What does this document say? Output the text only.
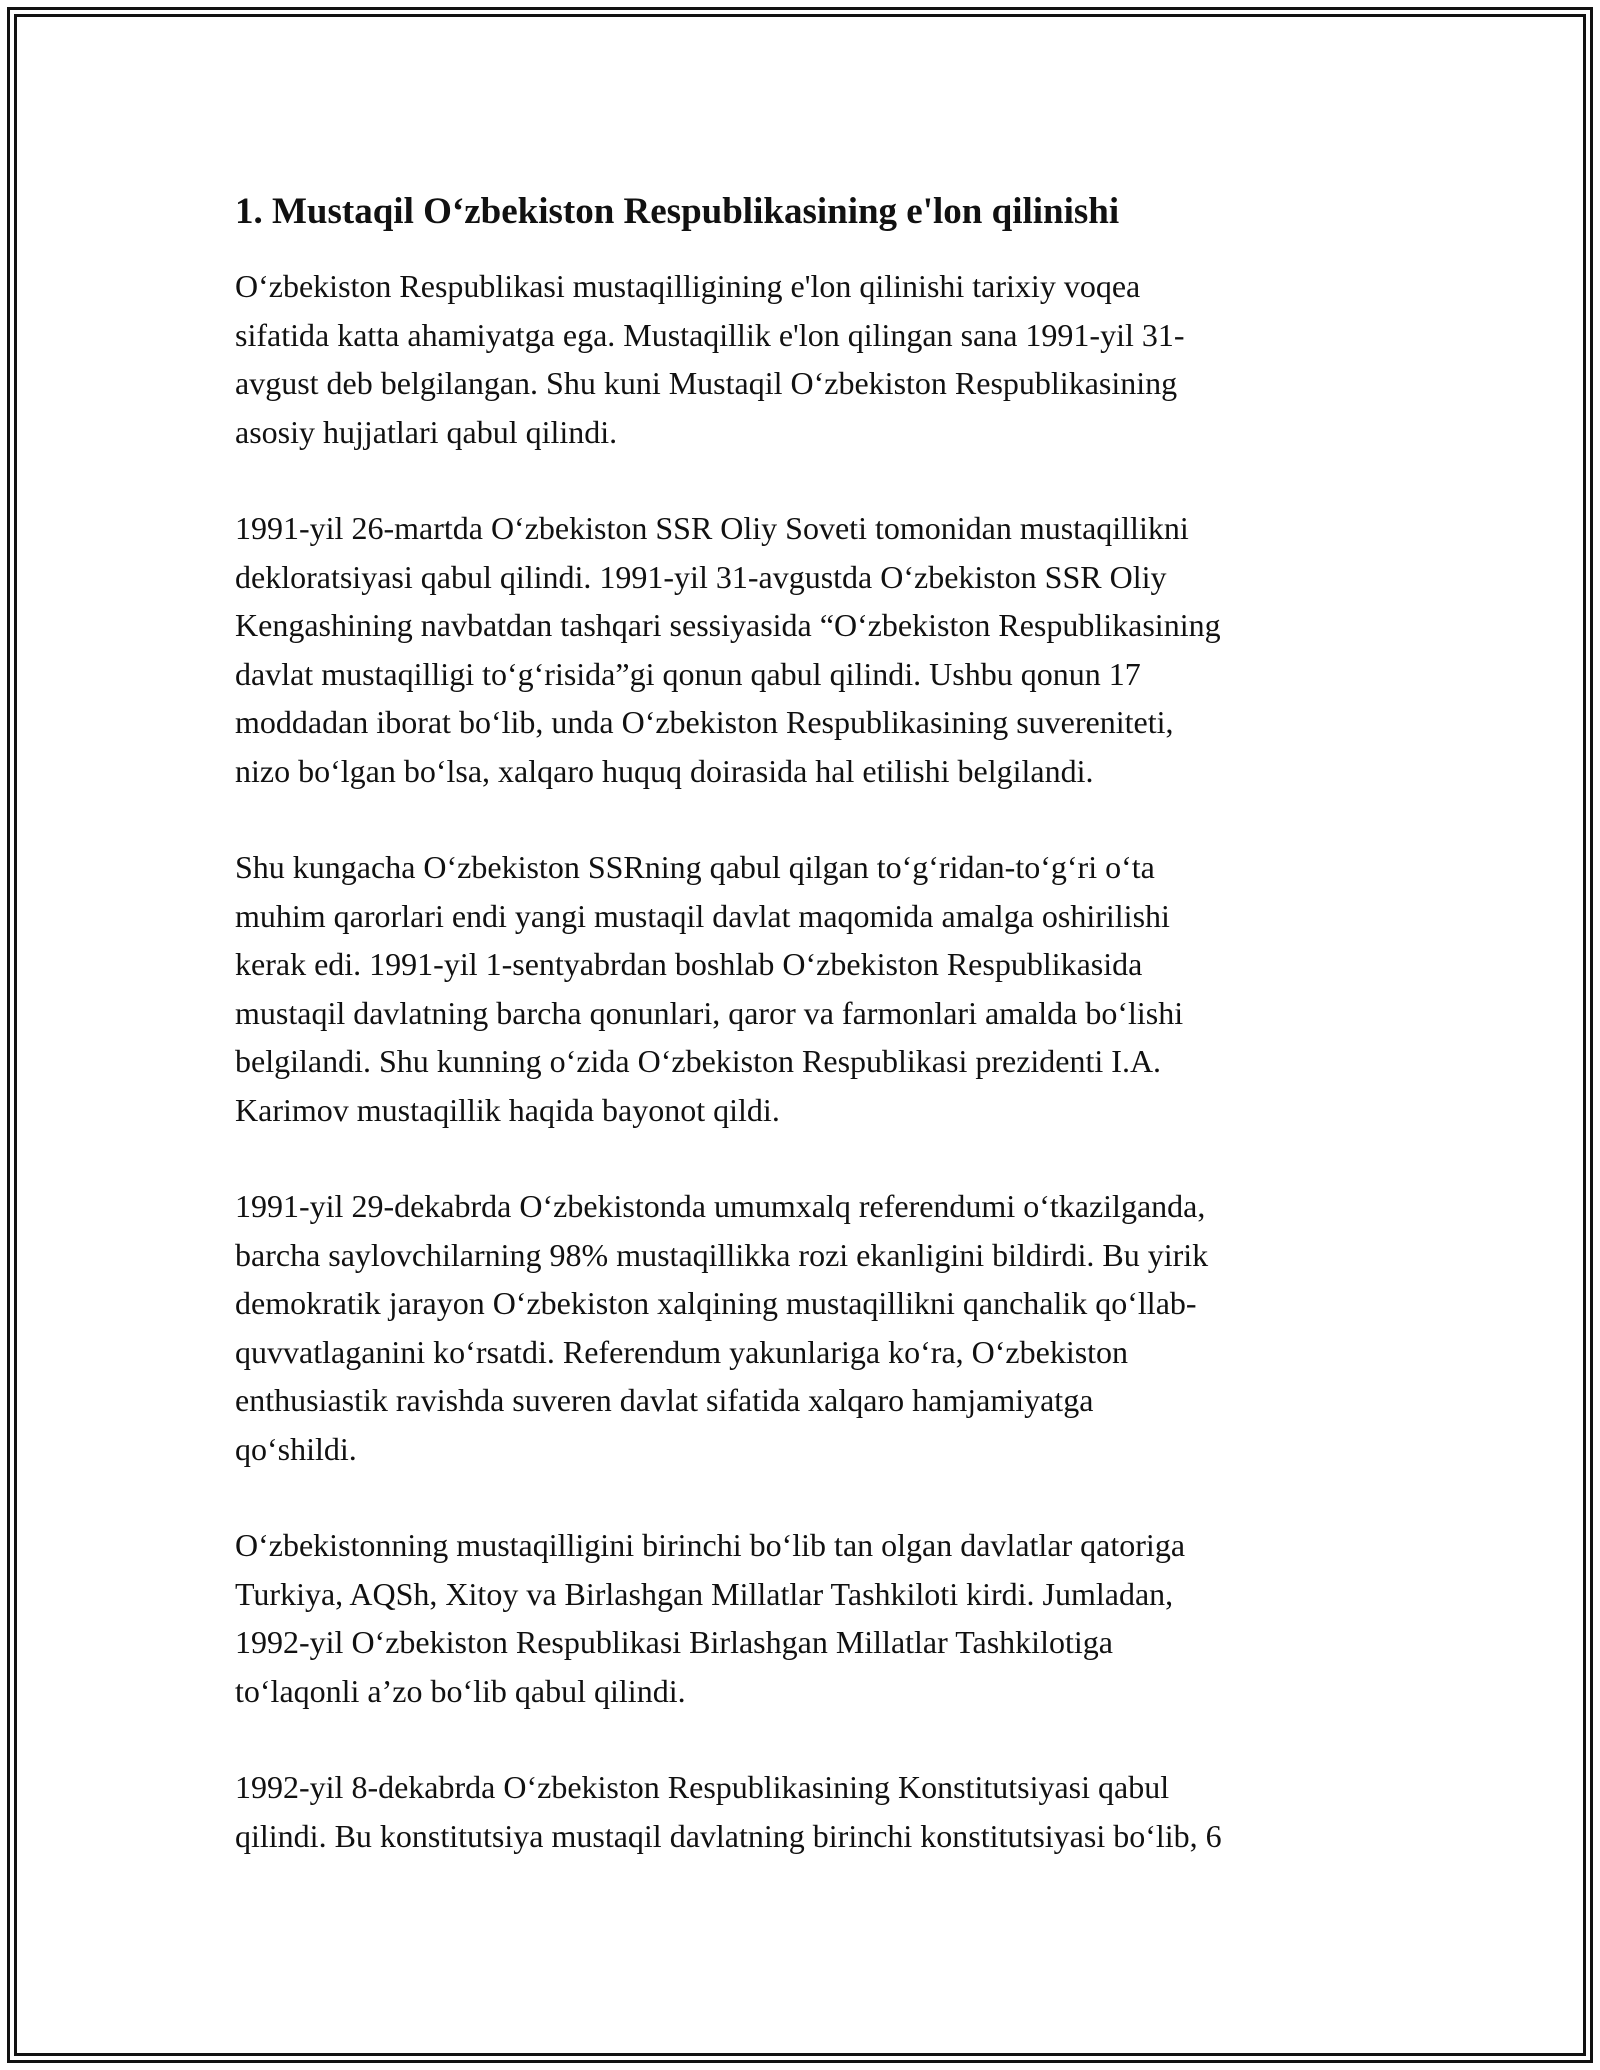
1. Mustaqil O‘zbekiston Respublikasining e'lon qilinishi

O‘zbekiston Respublikasi mustaqilligining e'lon qilinishi tarixiy voqea
sifatida katta ahamiyatga ega. Mustaqillik e'lon qilingan sana 1991-yil 31-
avgust deb belgilangan. Shu kuni Mustaqil O‘zbekiston Respublikasining
asosiy hujjatlari qabul qilindi.

1991-yil 26-martda O‘zbekiston SSR Oliy Soveti tomonidan mustaqillikni
dekloratsiyasi qabul qilindi. 1991-yil 31-avgustda O‘zbekiston SSR Oliy
Kengashining navbatdan tashqari sessiyasida “O‘zbekiston Respublikasining
davlat mustaqilligi to‘g‘risida”gi qonun qabul qilindi. Ushbu qonun 17
moddadan iborat bo‘lib, unda O‘zbekiston Respublikasining suvereniteti,
nizo bo‘lgan bo‘lsa, xalqaro huquq doirasida hal etilishi belgilandi.

Shu kungacha O‘zbekiston SSRning qabul qilgan to‘g‘ridan-to‘g‘ri o‘ta
muhim qarorlari endi yangi mustaqil davlat maqomida amalga oshirilishi
kerak edi. 1991-yil 1-sentyabrdan boshlab O‘zbekiston Respublikasida
mustaqil davlatning barcha qonunlari, qaror va farmonlari amalda bo‘lishi
belgilandi. Shu kunning o‘zida O‘zbekiston Respublikasi prezidenti I.A.
Karimov mustaqillik haqida bayonot qildi.

1991-yil 29-dekabrda O‘zbekistonda umumxalq referendumi o‘tkazilganda,
barcha saylovchilarning 98% mustaqillikka rozi ekanligini bildirdi. Bu yirik
demokratik jarayon O‘zbekiston xalqining mustaqillikni qanchalik qo‘llab-
quvvatlaganini ko‘rsatdi. Referendum yakunlariga ko‘ra, O‘zbekiston
enthusiastik ravishda suveren davlat sifatida xalqaro hamjamiyatga
qo‘shildi.

O‘zbekistonning mustaqilligini birinchi bo‘lib tan olgan davlatlar qatoriga
Turkiya, AQSh, Xitoy va Birlashgan Millatlar Tashkiloti kirdi. Jumladan,
1992-yil O‘zbekiston Respublikasi Birlashgan Millatlar Tashkilotiga
to‘laqonli a’zo bo‘lib qabul qilindi.

1992-yil 8-dekabrda O‘zbekiston Respublikasining Konstitutsiyasi qabul
qilindi. Bu konstitutsiya mustaqil davlatning birinchi konstitutsiyasi bo‘lib, 6
